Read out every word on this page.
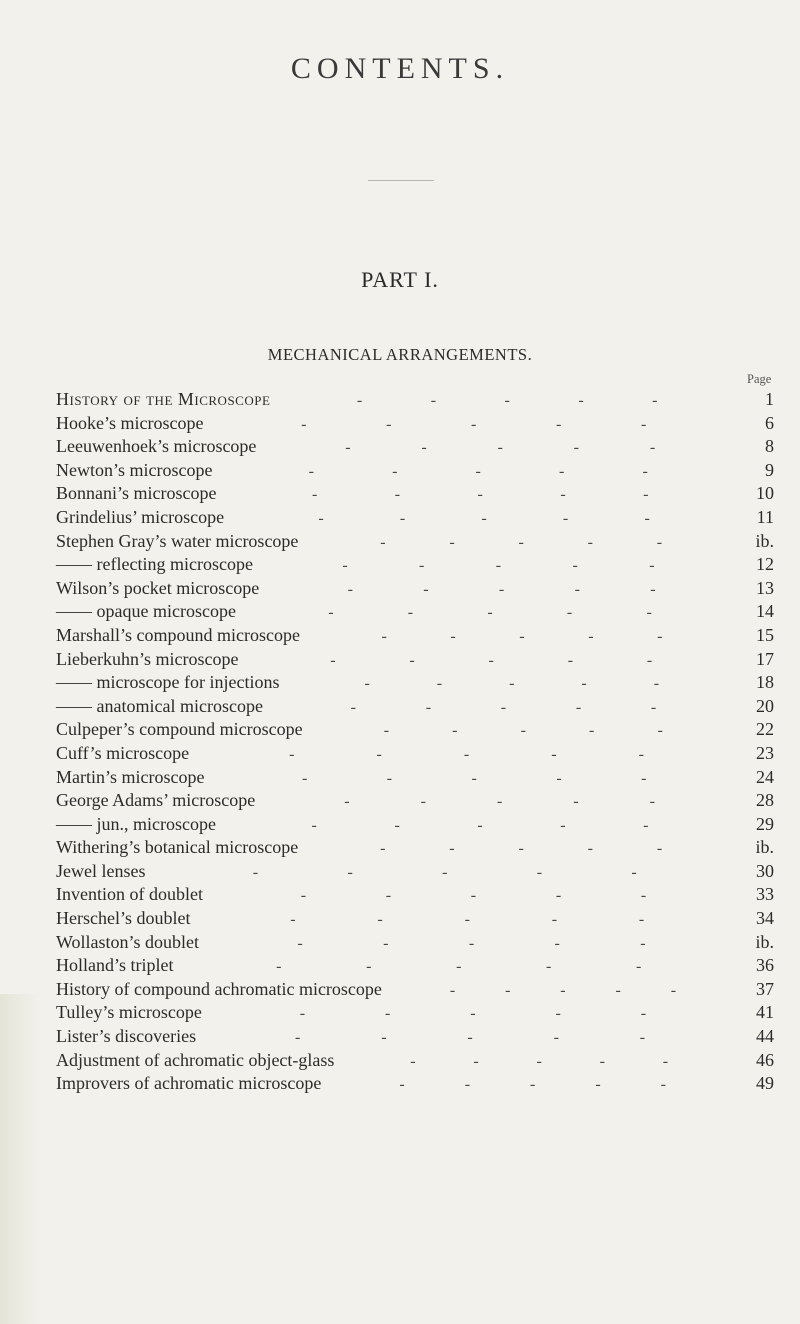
CONTENTS.
PART I.
MECHANICAL ARRANGEMENTS.
Page
History of the Microscope	-	-	-	-	-	1
Hooke’s microscope	-	-	-	-	-	6
Leeuwenhoek’s microscope	-	-	-	-	-	8
Newton’s microscope	-	-	-	-	-	9
Bonnani’s microscope	-	-	-	-	-	10
Grindelius’ microscope	-	-	-	-	-	11
Stephen Gray’s water microscope	-	-	-	-	-	ib.
—— reflecting microscope	-	-	-	-	-	12
Wilson’s pocket microscope	-	-	-	-	-	13
—— opaque microscope	-	-	-	-	-	14
Marshall’s compound microscope	-	-	-	-	-	15
Lieberkuhn’s microscope	-	-	-	-	-	17
—— microscope for injections	-	-	-	-	-	18
—— anatomical microscope	-	-	-	-	-	20
Culpeper’s compound microscope	-	-	-	-	-	22
Cuff’s microscope	-	-	-	-	-	23
Martin’s microscope	-	-	-	-	-	24
George Adams’ microscope	-	-	-	-	-	28
—— jun., microscope	-	-	-	-	-	29
Withering’s botanical microscope	-	-	-	-	-	ib.
Jewel lenses	-	-	-	-	-	30
Invention of doublet	-	-	-	-	-	33
Herschel’s doublet	-	-	-	-	-	34
Wollaston’s doublet	-	-	-	-	-	ib.
Holland’s triplet	-	-	-	-	-	36
History of compound achromatic microscope	-	-	-	-	-	37
Tulley’s microscope	-	-	-	-	-	41
Lister’s discoveries	-	-	-	-	-	44
Adjustment of achromatic object-glass	-	-	-	-	-	46
Improvers of achromatic microscope	-	-	-	-	-	49
